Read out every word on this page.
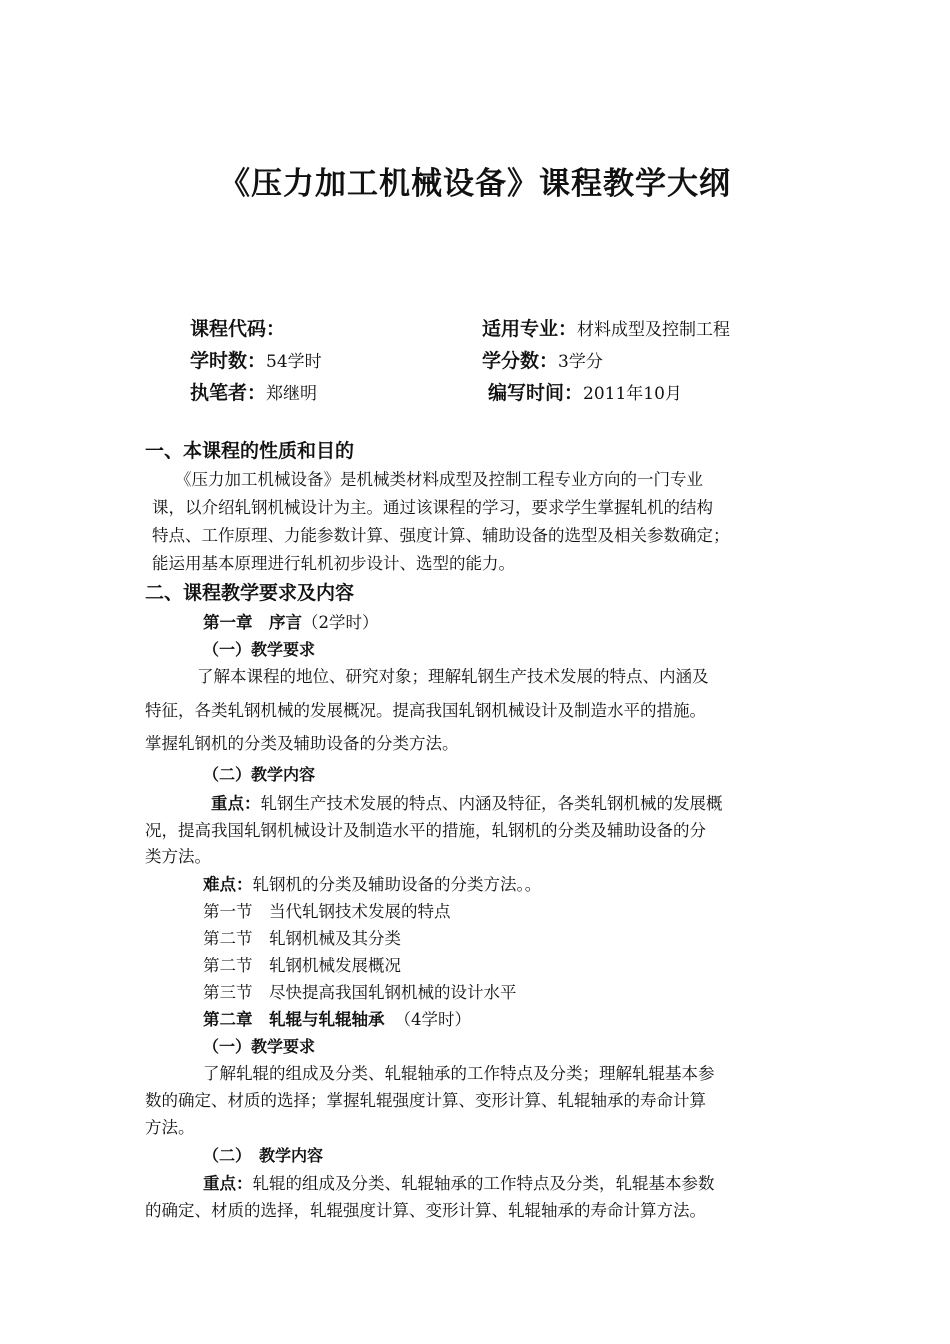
《压力加工机械设备》课程教学大纲
课程代码：	适用专业：材料成型及控制工程
学时数：54学时	学分数：3学分
执笔者：郑继明	编写时间：2011年10月
一、本课程的性质和目的
《压力加工机械设备》是机械类材料成型及控制工程专业方向的一门专业
课，以介绍轧钢机械设计为主。通过该课程的学习，要求学生掌握轧机的结构
特点、工作原理、力能参数计算、强度计算、辅助设备的选型及相关参数确定；
能运用基本原理进行轧机初步设计、选型的能力。
二、课程教学要求及内容
第一章　序言（2学时）
（一）教学要求
了解本课程的地位、研究对象；理解轧钢生产技术发展的特点、内涵及
特征，各类轧钢机械的发展概况。提高我国轧钢机械设计及制造水平的措施。
掌握轧钢机的分类及辅助设备的分类方法。
（二）教学内容
重点：轧钢生产技术发展的特点、内涵及特征，各类轧钢机械的发展概
况，提高我国轧钢机械设计及制造水平的措施，轧钢机的分类及辅助设备的分
类方法。
难点：轧钢机的分类及辅助设备的分类方法。。
第一节　当代轧钢技术发展的特点
第二节　轧钢机械及其分类
第二节　轧钢机械发展概况
第三节　尽快提高我国轧钢机械的设计水平
第二章　轧辊与轧辊轴承 （4学时）
（一）教学要求
了解轧辊的组成及分类、轧辊轴承的工作特点及分类；理解轧辊基本参
数的确定、材质的选择；掌握轧辊强度计算、变形计算、轧辊轴承的寿命计算
方法。
（二）　教学内容
重点：轧辊的组成及分类、轧辊轴承的工作特点及分类，轧辊基本参数
的确定、材质的选择，轧辊强度计算、变形计算、轧辊轴承的寿命计算方法。
